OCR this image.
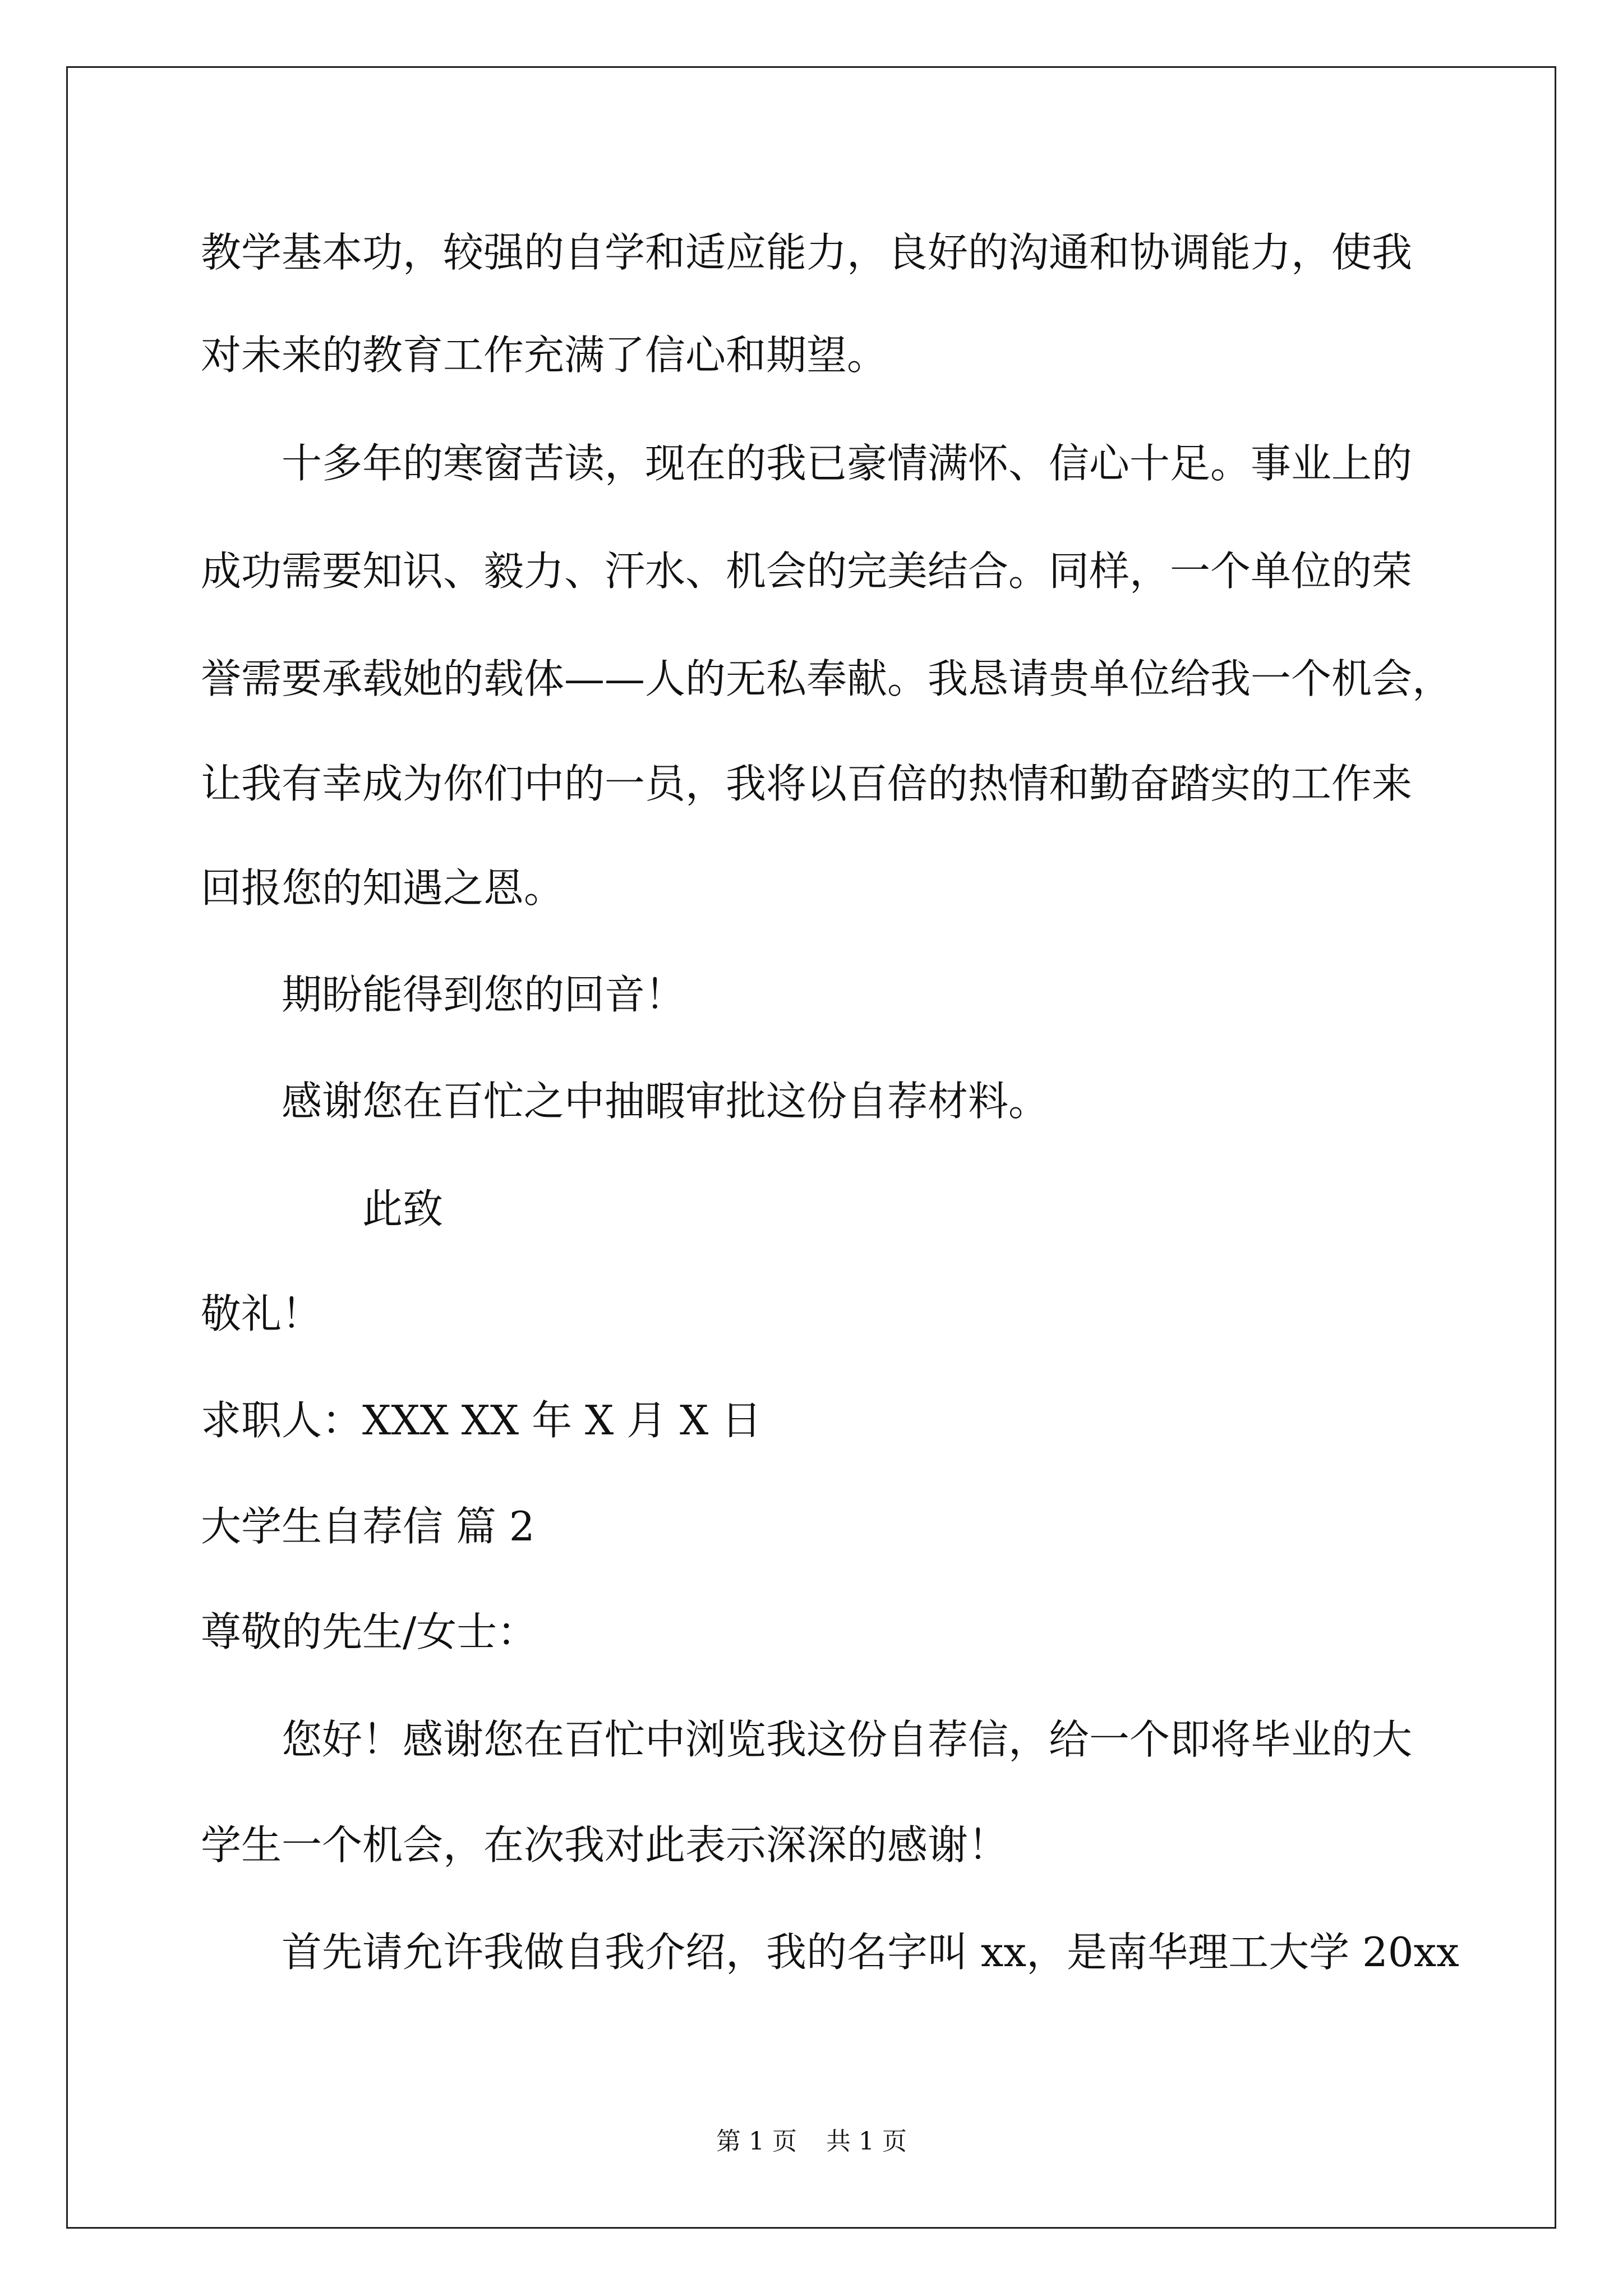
教学基本功，较强的自学和适应能力，良好的沟通和协调能力，使我
对未来的教育工作充满了信心和期望。
十多年的寒窗苦读，现在的我已豪情满怀、信心十足。事业上的
成功需要知识、毅力、汗水、机会的完美结合。同样，一个单位的荣
誉需要承载她的载体——人的无私奉献。我恳请贵单位给我一个机会，
让我有幸成为你们中的一员，我将以百倍的热情和勤奋踏实的工作来
回报您的知遇之恩。
期盼能得到您的回音！
感谢您在百忙之中抽暇审批这份自荐材料。
此致
敬礼！
求职人：XXX XX 年 X 月 X 日
大学生自荐信 篇 2
尊敬的先生/女士：
您好！感谢您在百忙中浏览我这份自荐信，给一个即将毕业的大
学生一个机会，在次我对此表示深深的感谢！
首先请允许我做自我介绍，我的名字叫 xx，是南华理工大学 20xx
第 1 页 共 1 页
